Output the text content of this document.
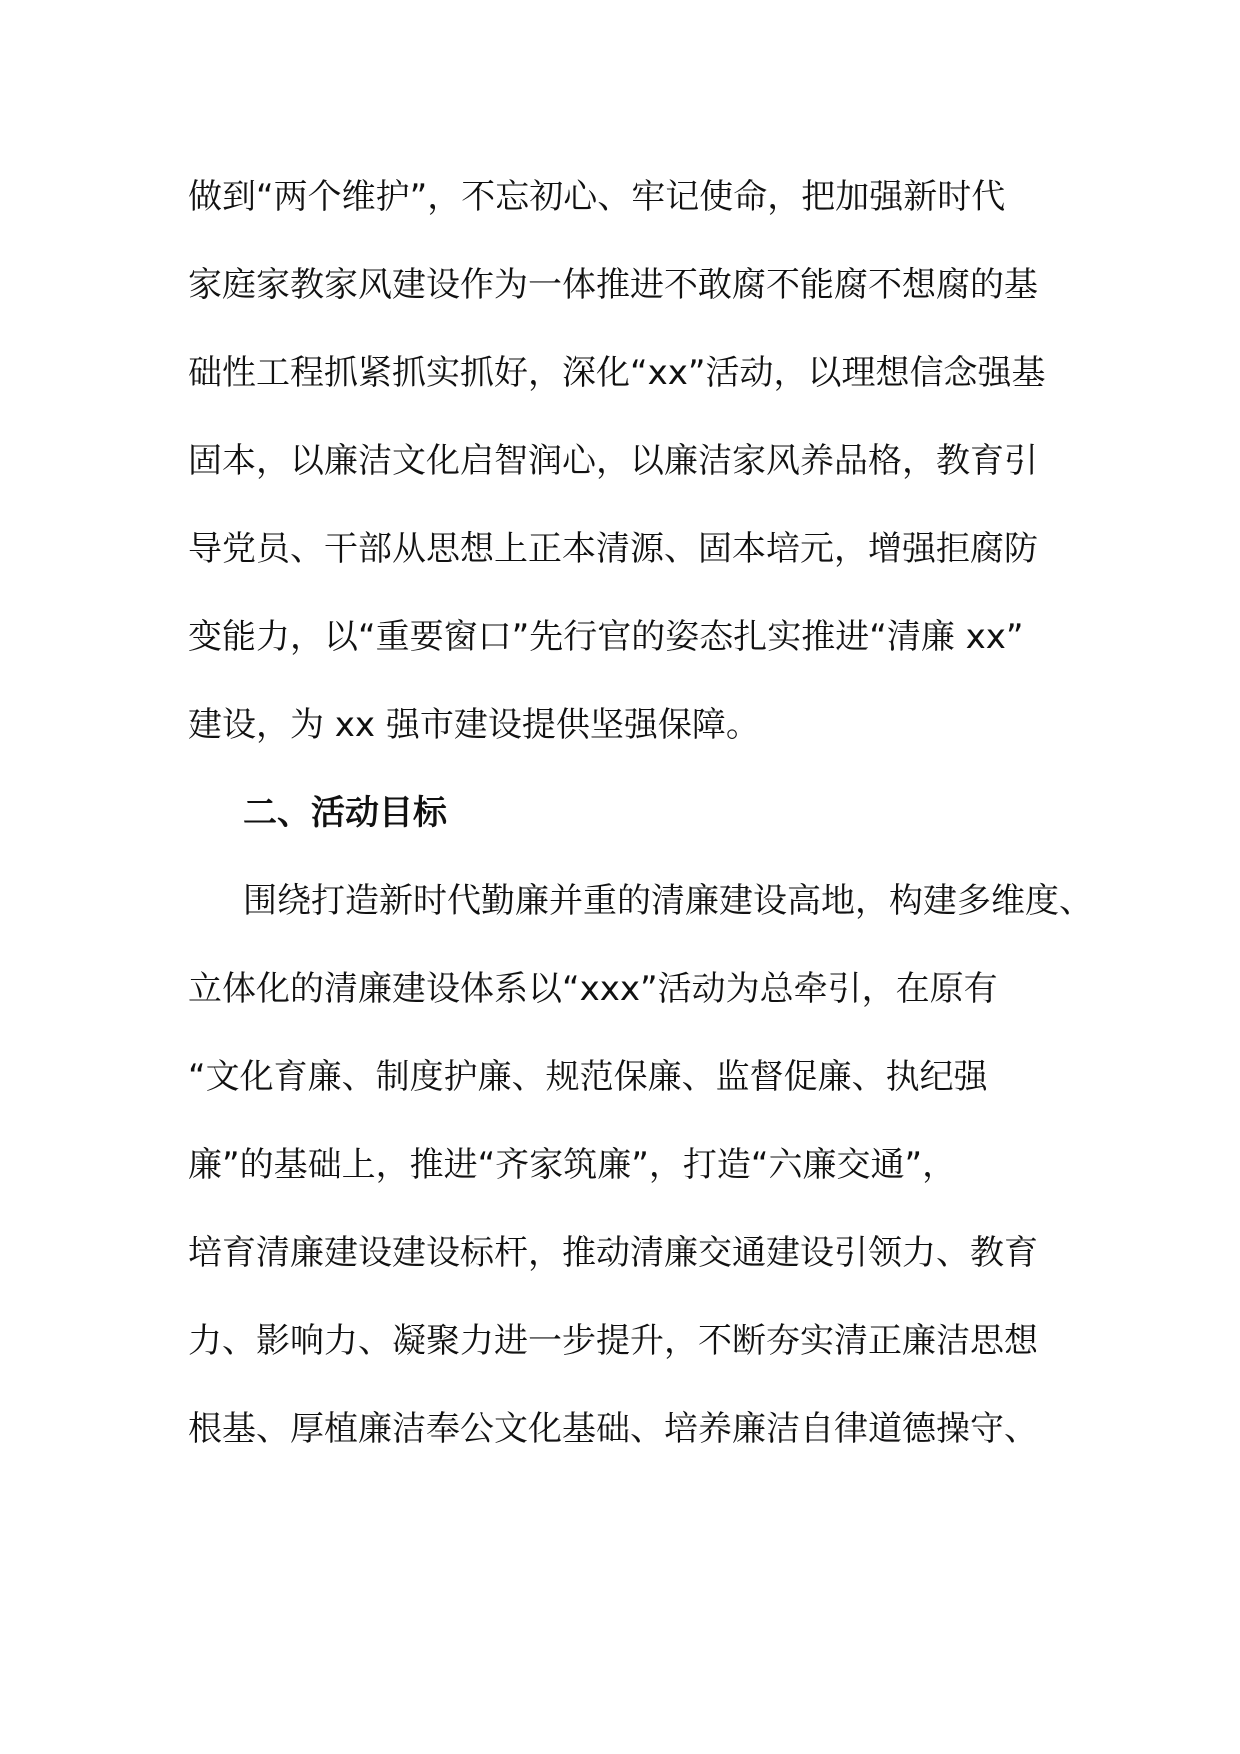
做到“两个维护”，不忘初心、牢记使命，把加强新时代
家庭家教家风建设作为一体推进不敢腐不能腐不想腐的基
础性工程抓紧抓实抓好，深化“xx”活动，以理想信念强基
固本，以廉洁文化启智润心，以廉洁家风养品格，教育引
导党员、干部从思想上正本清源、固本培元，增强拒腐防
变能力，以“重要窗口”先行官的姿态扎实推进“清廉 xx”
建设，为 xx 强市建设提供坚强保障。
二、活动目标
围绕打造新时代勤廉并重的清廉建设高地，构建多维度、
立体化的清廉建设体系以“xxx”活动为总牵引，在原有
“文化育廉、制度护廉、规范保廉、监督促廉、执纪强
廉”的基础上，推进“齐家筑廉”，打造“六廉交通”，
培育清廉建设建设标杆，推动清廉交通建设引领力、教育
力、影响力、凝聚力进一步提升，不断夯实清正廉洁思想
根基、厚植廉洁奉公文化基础、培养廉洁自律道德操守、
